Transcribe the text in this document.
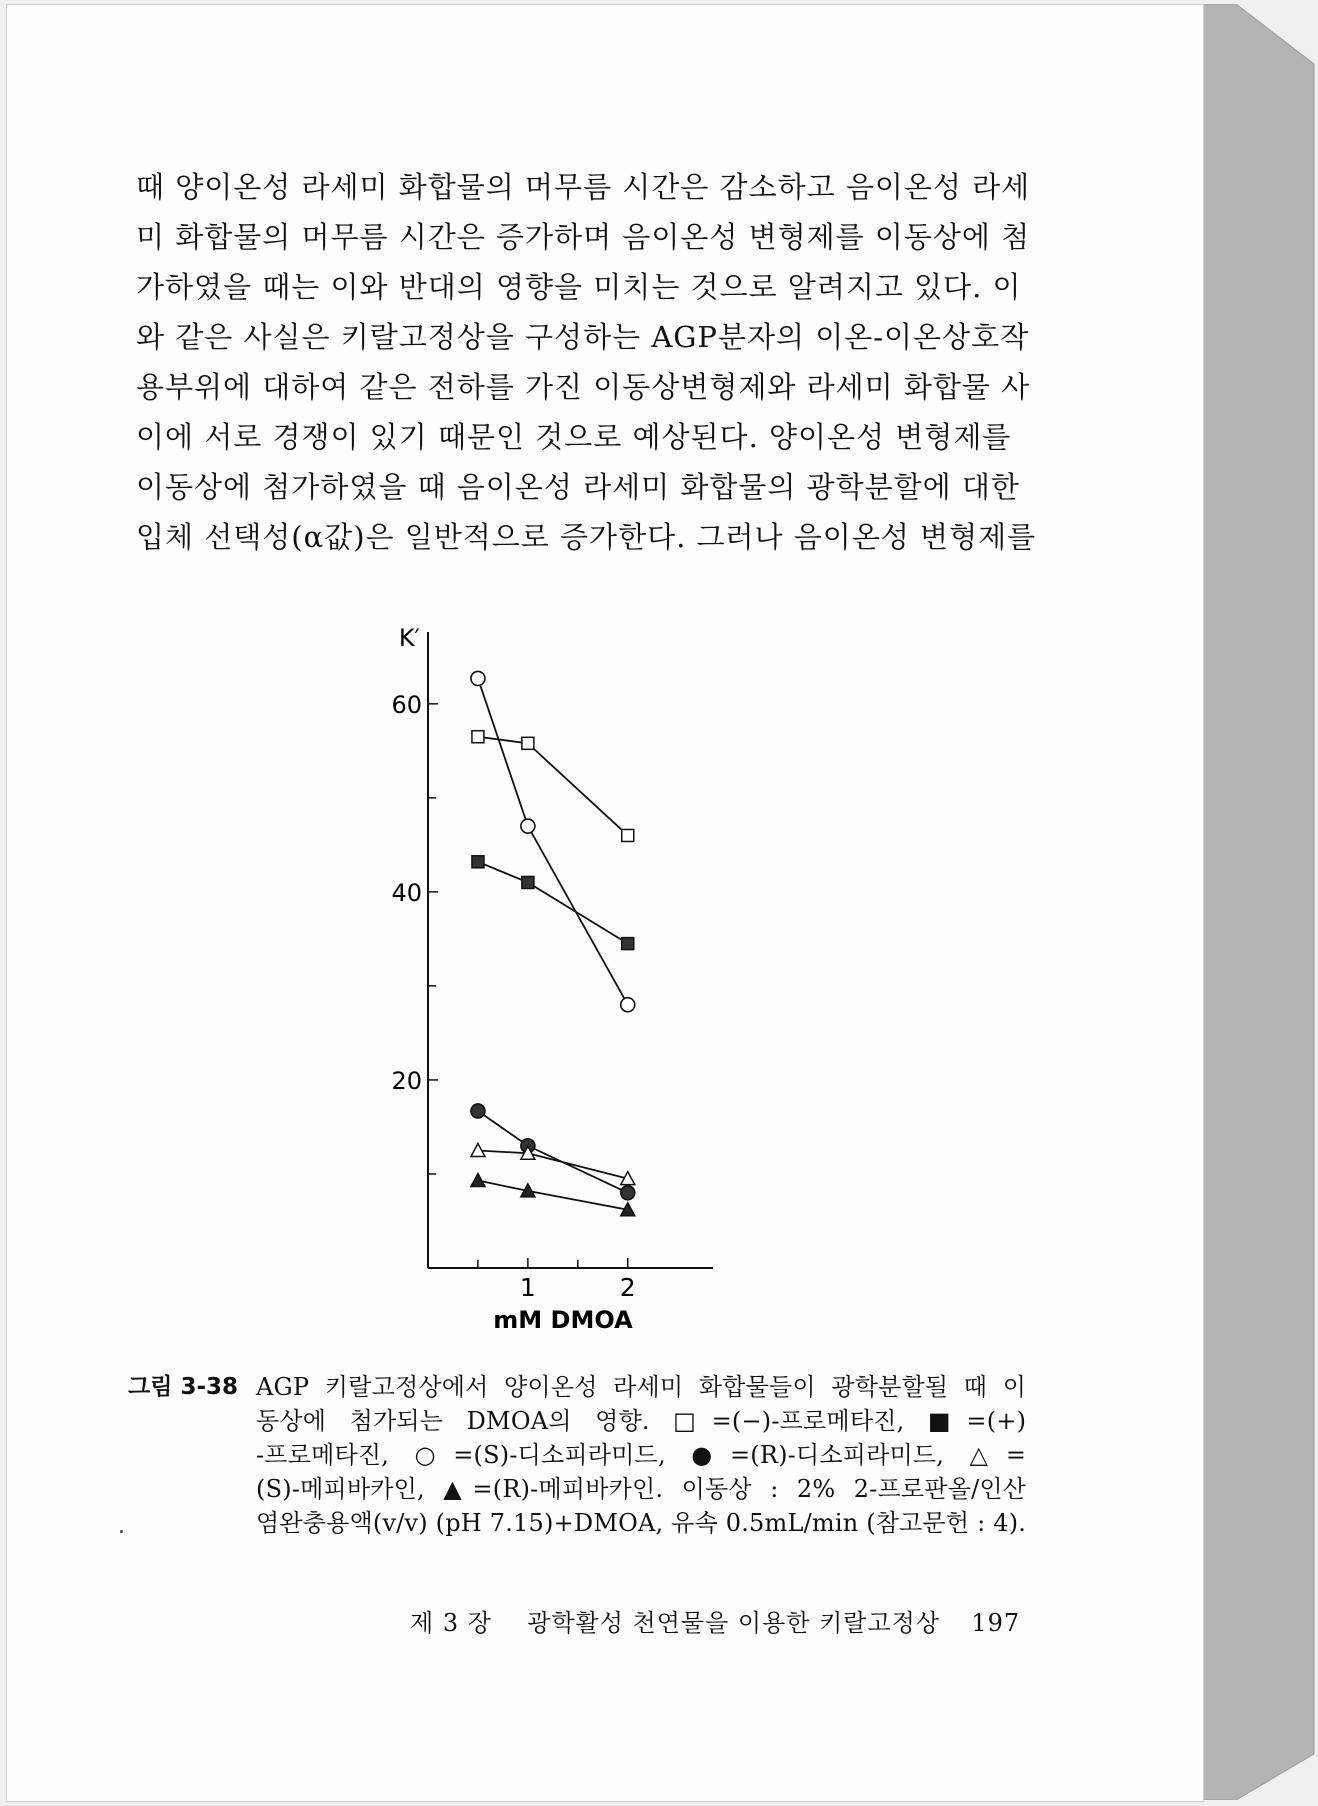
때 양이온성 라세미 화합물의 머무름 시간은 감소하고 음이온성 라세
미 화합물의 머무름 시간은 증가하며 음이온성 변형제를 이동상에 첨
가하였을 때는 이와 반대의 영향을 미치는 것으로 알려지고 있다. 이
와 같은 사실은 키랄고정상을 구성하는 AGP분자의 이온-이온상호작
용부위에 대하여 같은 전하를 가진 이동상변형제와 라세미 화합물 사
이에 서로 경쟁이 있기 때문인 것으로 예상된다. 양이온성 변형제를
이동상에 첨가하였을 때 음이온성 라세미 화합물의 광학분할에 대한
입체 선택성(α값)은 일반적으로 증가한다. 그러나 음이온성 변형제를
20
40
60
1	2
K′
mM DMOA
그림 3-38 AGP 키랄고정상에서 양이온성 라세미 화합물들이 광학분할될 때 이
동상에 첨가되는 DMOA의 영향. □=(−)-프로메타진, ■=(+)
-프로메타진, ○=(S)-디소피라미드, ●=(R)-디소피라미드, △=
(S)-메피바카인, ▲=(R)-메피바카인. 이동상 : 2% 2-프로판올/인산
염완충용액(v/v) (pH 7.15)+DMOA, 유속 0.5mL/min (참고문헌 : 4).
제 3 장 광학활성 천연물을 이용한 키랄고정상 197
